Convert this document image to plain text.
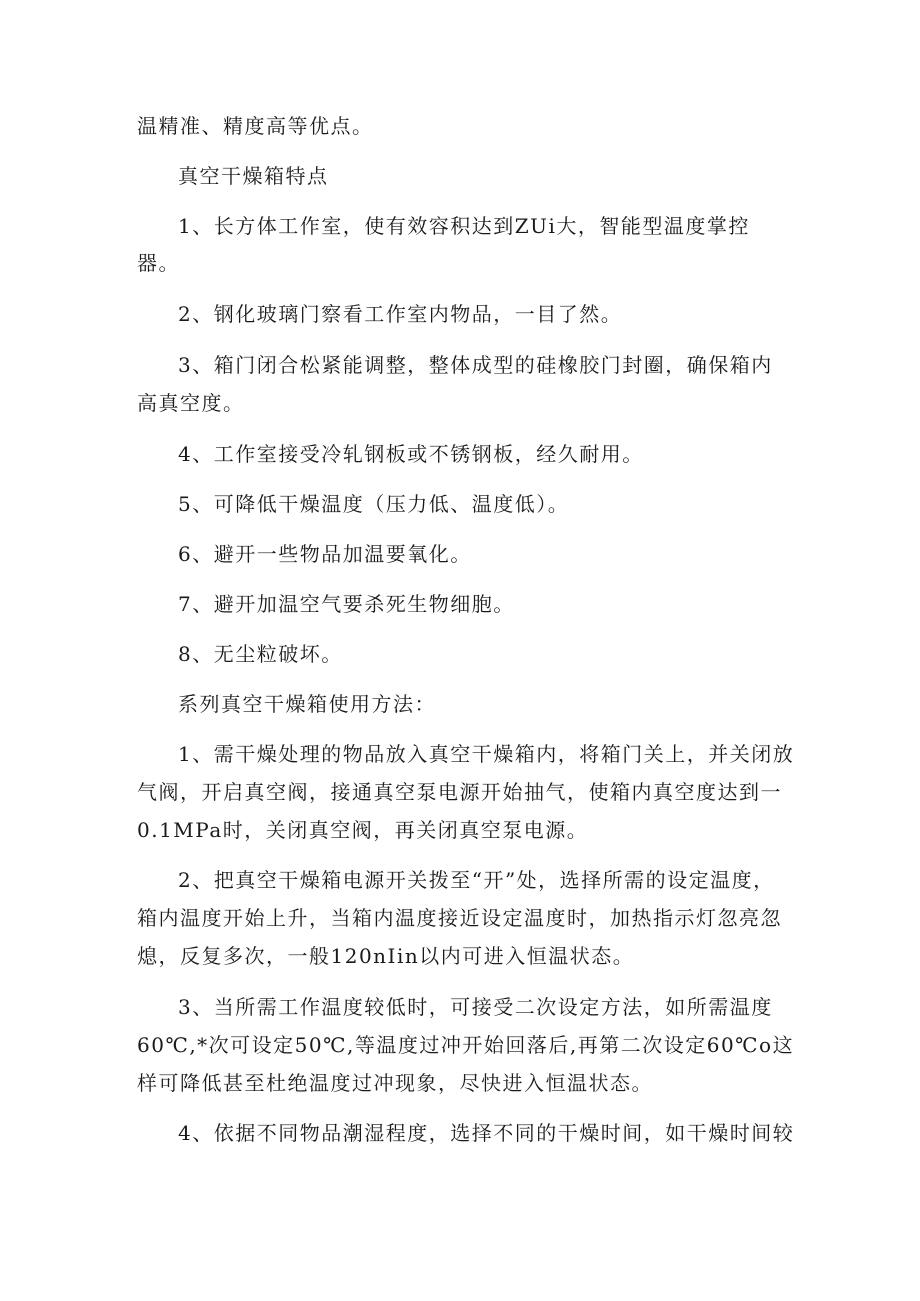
温精准、精度高等优点。
真空干燥箱特点
1、长方体工作室，使有效容积达到ZUi大，智能型温度掌控
器。
2、钢化玻璃门察看工作室内物品，一目了然。
3、箱门闭合松紧能调整，整体成型的硅橡胶门封圈，确保箱内
高真空度。
4、工作室接受冷轧钢板或不锈钢板，经久耐用。
5、可降低干燥温度（压力低、温度低）。
6、避开一些物品加温要氧化。
7、避开加温空气要杀死生物细胞。
8、无尘粒破坏。
系列真空干燥箱使用方法：
1、需干燥处理的物品放入真空干燥箱内，将箱门关上，并关闭放
气阀，开启真空阀，接通真空泵电源开始抽气，使箱内真空度达到一
0.1MPa时，关闭真空阀，再关闭真空泵电源。
2、把真空干燥箱电源开关拨至“开”处，选择所需的设定温度，
箱内温度开始上升，当箱内温度接近设定温度时，加热指示灯忽亮忽
熄，反复多次，一般120nIin以内可进入恒温状态。
3、当所需工作温度较低时，可接受二次设定方法，如所需温度
60℃,*次可设定50℃,等温度过冲开始回落后,再第二次设定60℃o这
样可降低甚至杜绝温度过冲现象，尽快进入恒温状态。
4、依据不同物品潮湿程度，选择不同的干燥时间，如干燥时间较
